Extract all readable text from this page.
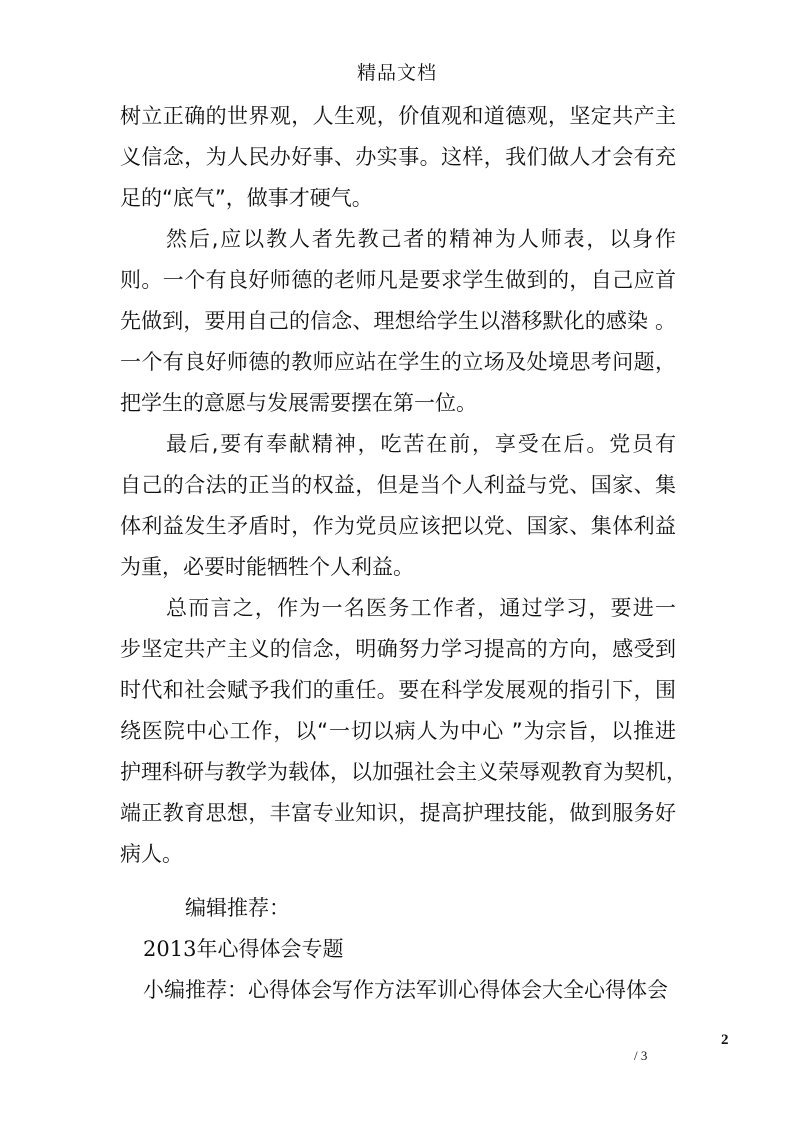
精品文档
树立正确的世界观，人生观，价值观和道德观，坚定共产主
义信念，为人民办好事、办实事。这样，我们做人才会有充
足的“底气”，做事才硬气。
然后,应以教人者先教己者的精神为人师表，以身作
则。一个有良好师德的老师凡是要求学生做到的，自己应首
先做到，要用自己的信念、理想给学生以潜移默化的感染 。
一个有良好师德的教师应站在学生的立场及处境思考问题，
把学生的意愿与发展需要摆在第一位。
最后,要有奉献精神，吃苦在前，享受在后。党员有
自己的合法的正当的权益，但是当个人利益与党、国家、集
体利益发生矛盾时，作为党员应该把以党、国家、集体利益
为重，必要时能牺牲个人利益。
总而言之，作为一名医务工作者，通过学习，要进一
步坚定共产主义的信念，明确努力学习提高的方向，感受到
时代和社会赋予我们的重任。要在科学发展观的指引下，围
绕医院中心工作，以“一切以病人为中心 ”为宗旨，以推进
护理科研与教学为载体，以加强社会主义荣辱观教育为契机，
端正教育思想，丰富专业知识，提高护理技能，做到服务好
病人。
编辑推荐：
2013年心得体会专题
小编推荐：心得体会写作方法军训心得体会大全心得体会
2
/ 3
